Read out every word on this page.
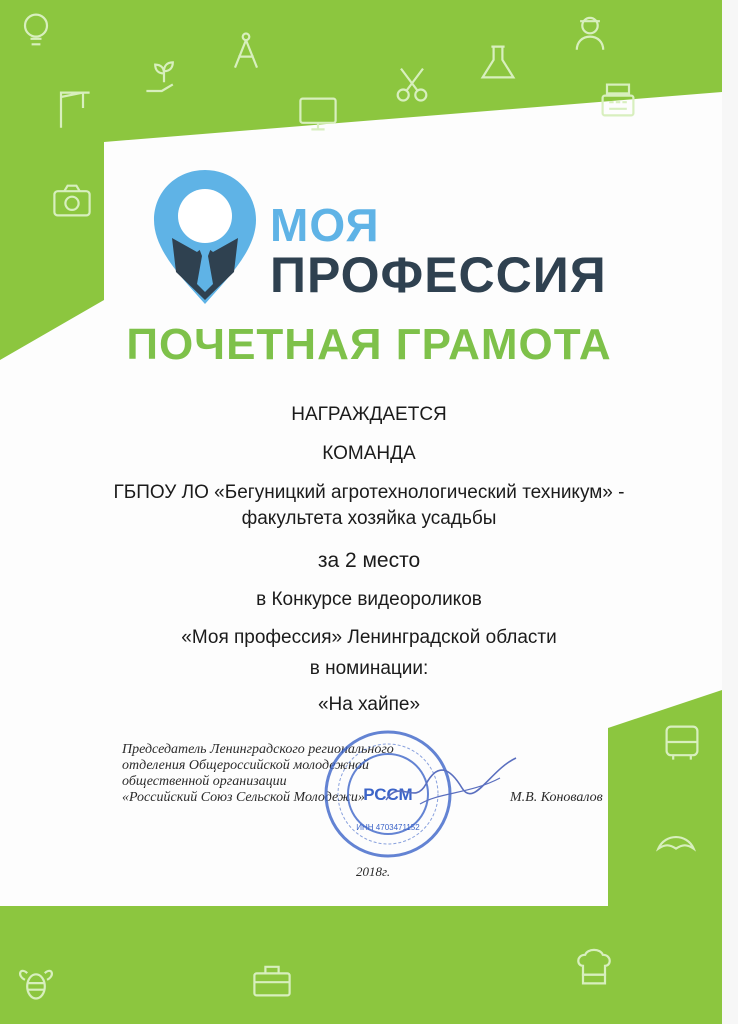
МОЯ
ПРОФЕССИЯ
ПОЧЕТНАЯ ГРАМОТА
НАГРАЖДАЕТСЯ
КОМАНДА
ГБПОУ ЛО «Бегуницкий агротехнологический техникум» -
факультета хозяйка усадьбы
за 2 место
в Конкурсе видеороликов
«Моя профессия» Ленинградской области
в номинации:
«На хайпе»
Председатель Ленинградского регионального
отделения Общероссийской молодежной
общественной организации
«Российский Союз Сельской Молодежи»
РССМ
ИНН 4703471152
М.В. Коновалов
2018г.
